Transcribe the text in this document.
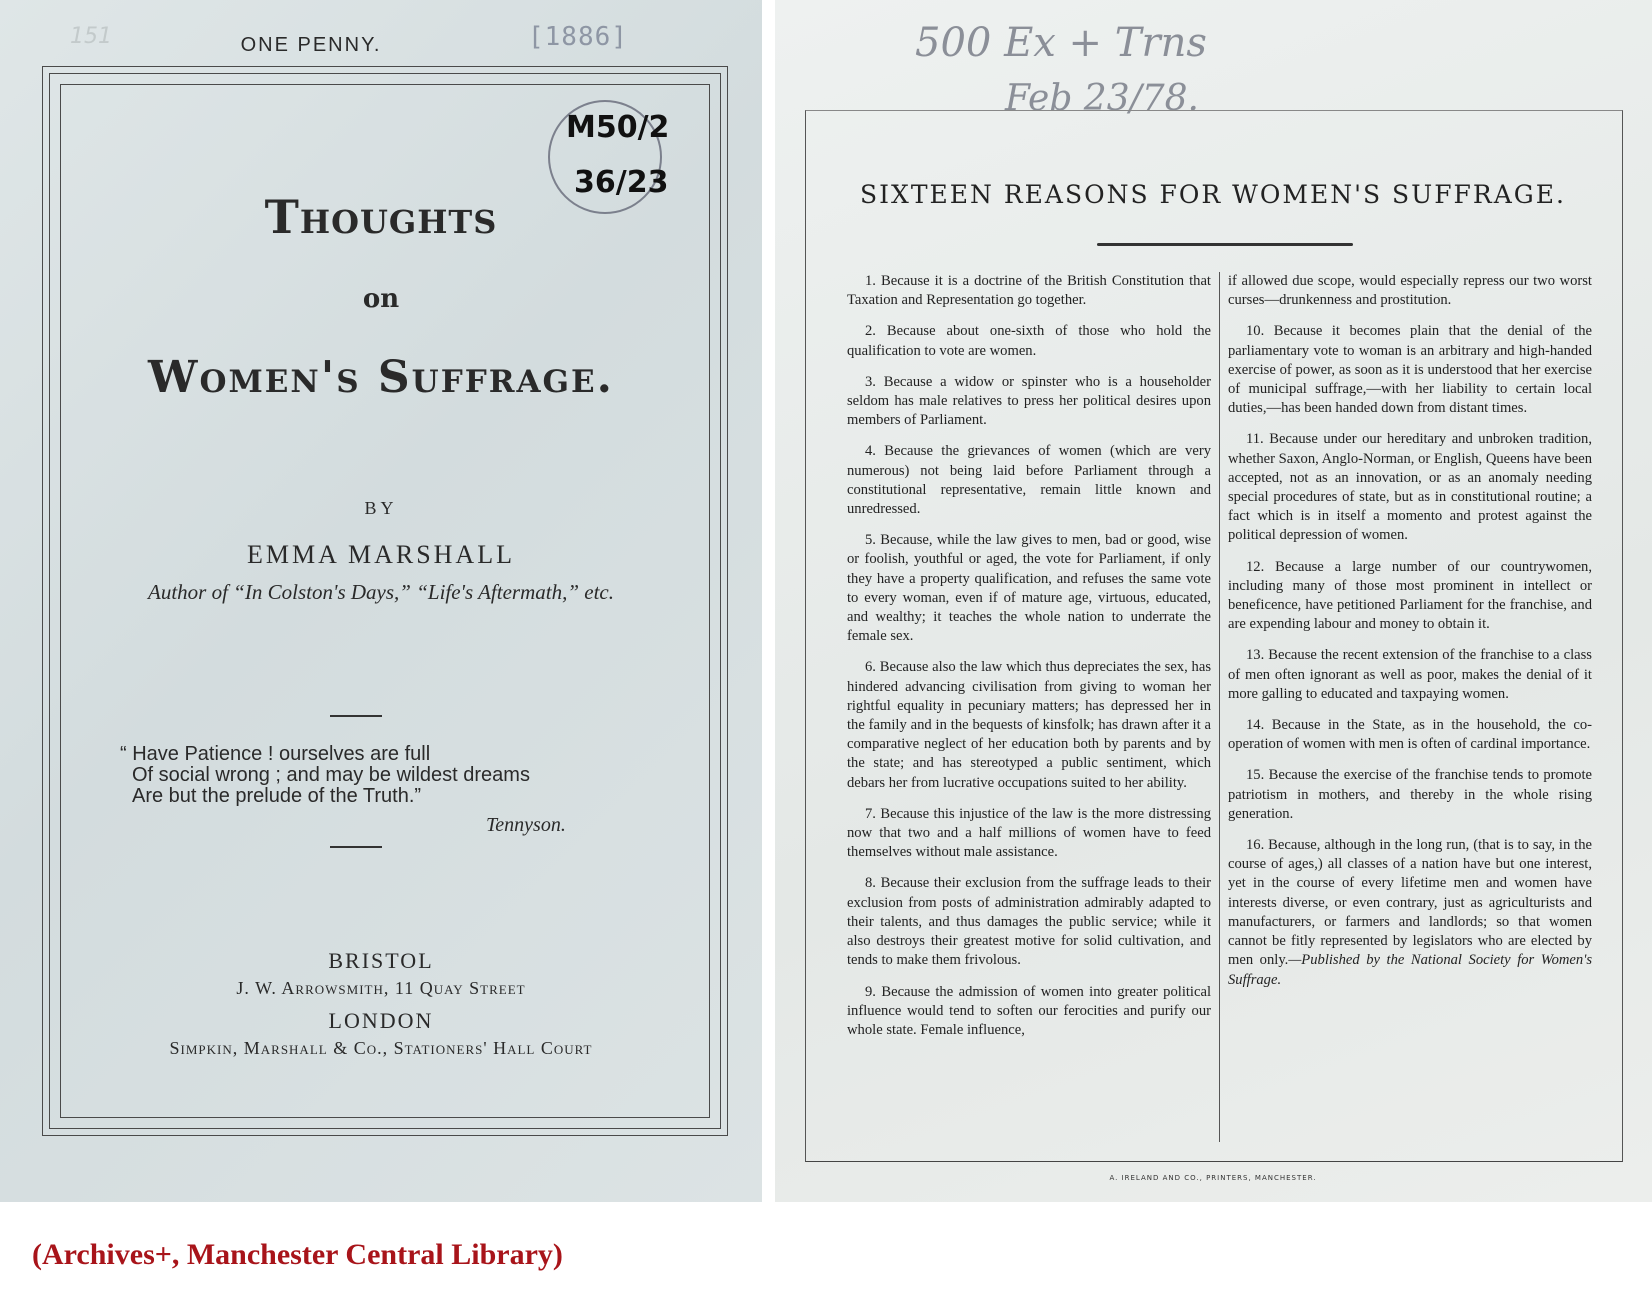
151	ONE PENNY.	[1886]
M50/2
36/23
Thoughts
on
Women's Suffrage.
BY
EMMA MARSHALL
Author of “In Colston's Days,” “Life's Aftermath,” etc.
“ Have Patience ! ourselves are full
Of social wrong ; and may be wildest dreams
Are but the prelude of the Truth.”
Tennyson.
BRISTOL
J. W. Arrowsmith, 11 Quay Street
LONDON
Simpkin, Marshall & Co., Stationers' Hall Court
500 Ex + Trns
Feb 23/78.
SIXTEEN REASONS FOR WOMEN'S SUFFRAGE.

1. Because it is a doctrine of the British Constitution that Taxation and Representation go together.

2. Because about one-sixth of those who hold the qualification to vote are women.

3. Because a widow or spinster who is a householder seldom has male relatives to press her political desires upon members of Parliament.

4. Because the grievances of women (which are very numerous) not being laid before Parliament through a constitutional representative, remain little known and unredressed.

5. Because, while the law gives to men, bad or good, wise or foolish, youthful or aged, the vote for Parliament, if only they have a property qualification, and refuses the same vote to every woman, even if of mature age, virtuous, educated, and wealthy; it teaches the whole nation to underrate the female sex.

6. Because also the law which thus depreciates the sex, has hindered advancing civilisation from giving to woman her rightful equality in pecuniary matters; has depressed her in the family and in the bequests of kinsfolk; has drawn after it a comparative neglect of her education both by parents and by the state; and has stereotyped a public sentiment, which debars her from lucrative occupations suited to her ability.

7. Because this injustice of the law is the more distressing now that two and a half millions of women have to feed themselves without male assistance.

8. Because their exclusion from the suffrage leads to their exclusion from posts of administration admirably adapted to their talents, and thus damages the public service; while it also destroys their greatest motive for solid cultivation, and tends to make them frivolous.

9. Because the admission of women into greater political influence would tend to soften our ferocities and purify our whole state. Female influence,

if allowed due scope, would especially repress our two worst curses—drunkenness and prostitution.

10. Because it becomes plain that the denial of the parliamentary vote to woman is an arbitrary and high-handed exercise of power, as soon as it is understood that her exercise of municipal suffrage,—with her liability to certain local duties,—has been handed down from distant times.

11. Because under our hereditary and unbroken tradition, whether Saxon, Anglo-Norman, or English, Queens have been accepted, not as an innovation, or as an anomaly needing special procedures of state, but as in constitutional routine; a fact which is in itself a momento and protest against the political depression of women.

12. Because a large number of our countrywomen, including many of those most prominent in intellect or beneficence, have petitioned Parliament for the franchise, and are expending labour and money to obtain it.

13. Because the recent extension of the franchise to a class of men often ignorant as well as poor, makes the denial of it more galling to educated and taxpaying women.

14. Because in the State, as in the household, the co-operation of women with men is often of cardinal importance.

15. Because the exercise of the franchise tends to promote patriotism in mothers, and thereby in the whole rising generation.

16. Because, although in the long run, (that is to say, in the course of ages,) all classes of a nation have but one interest, yet in the course of every lifetime men and women have interests diverse, or even contrary, just as agriculturists and manufacturers, or farmers and landlords; so that women cannot be fitly represented by legislators who are elected by men only.—Published by the National Society for Women's Suffrage.

A. IRELAND AND CO., PRINTERS, MANCHESTER.
(Archives+, Manchester Central Library)
